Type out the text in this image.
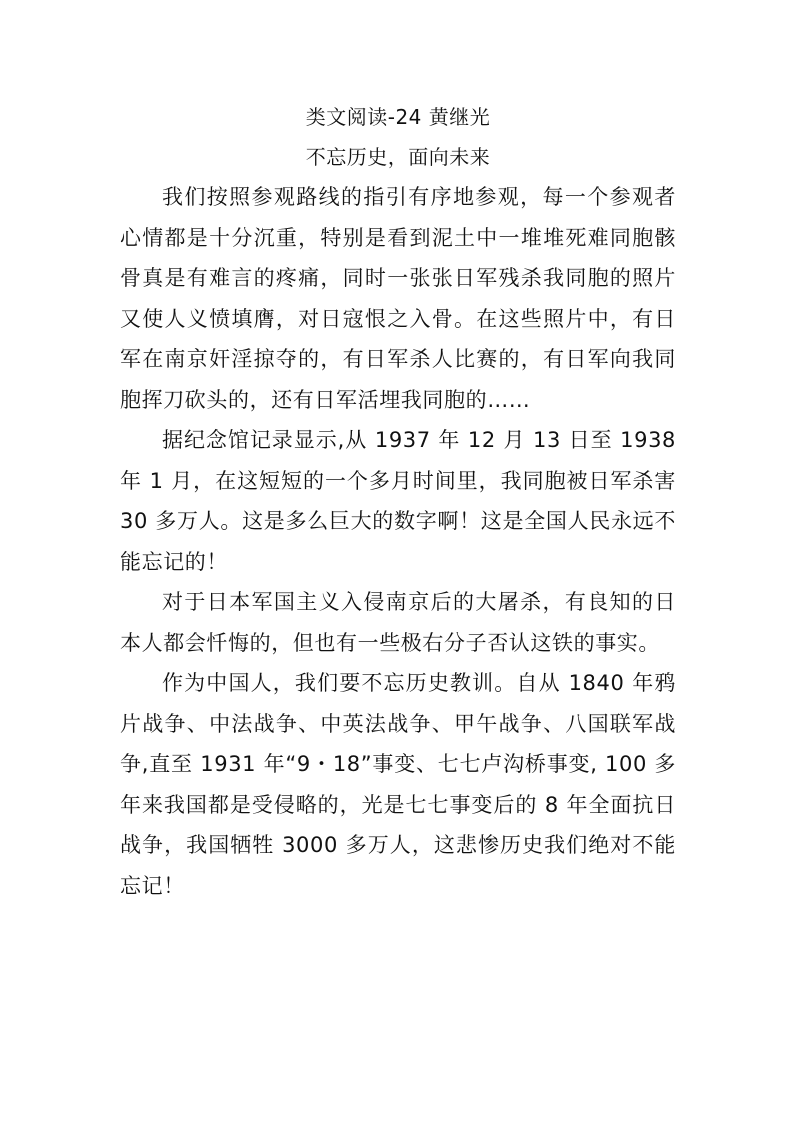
类文阅读-24 黄继光
不忘历史，面向未来

我们按照参观路线的指引有序地参观，每一个参观者心情都是十分沉重，特别是看到泥土中一堆堆死难同胞骸骨真是有难言的疼痛，同时一张张日军残杀我同胞的照片又使人义愤填膺，对日寇恨之入骨。在这些照片中，有日军在南京奸淫掠夺的，有日军杀人比赛的，有日军向我同胞挥刀砍头的，还有日军活埋我同胞的……

据纪念馆记录显示,从 1937 年 12 月 13 日至 1938 年 1 月，在这短短的一个多月时间里，我同胞被日军杀害 30 多万人。这是多么巨大的数字啊！这是全国人民永远不能忘记的！

对于日本军国主义入侵南京后的大屠杀，有良知的日本人都会忏悔的，但也有一些极右分子否认这铁的事实。

作为中国人，我们要不忘历史教训。自从 1840 年鸦片战争、中法战争、中英法战争、甲午战争、八国联军战争,直至 1931 年“9・18”事变、七七卢沟桥事变, 100 多年来我国都是受侵略的，光是七七事变后的 8 年全面抗日战争，我国牺牲 3000 多万人，这悲惨历史我们绝对不能忘记！
